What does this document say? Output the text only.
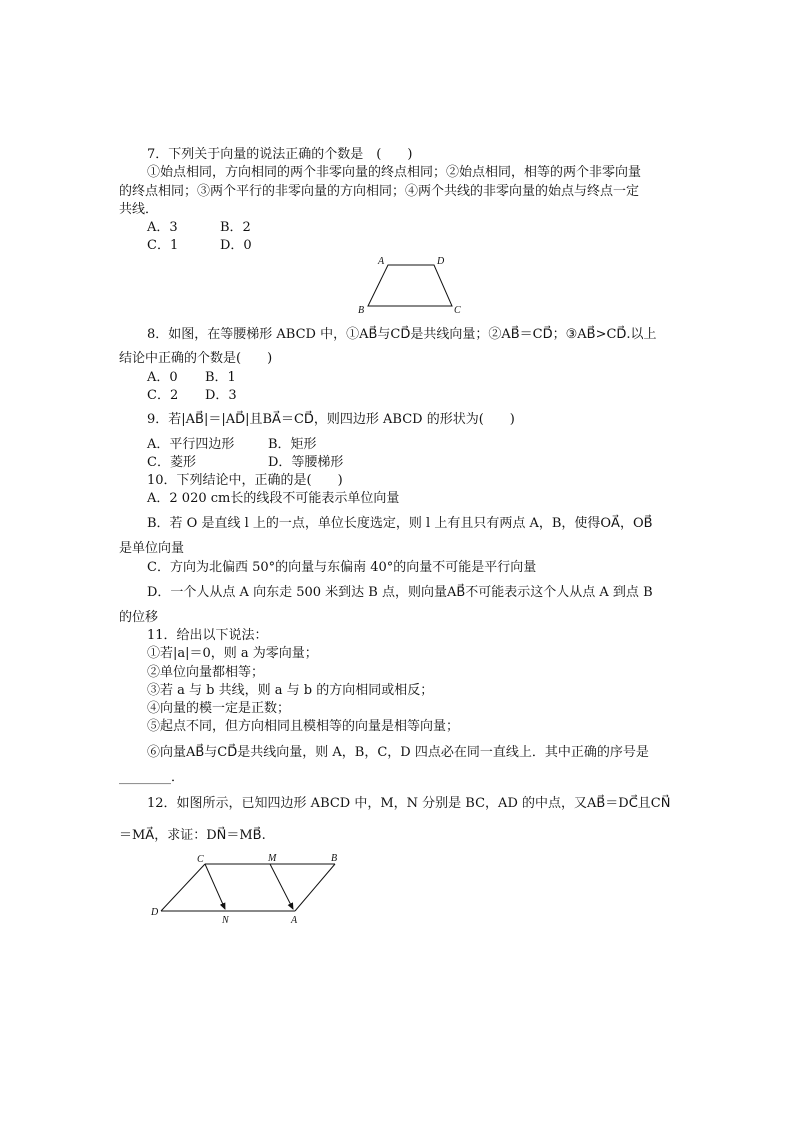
7．下列关于向量的说法正确的个数是　(　　)
①始点相同，方向相同的两个非零向量的终点相同；②始点相同，相等的两个非零向量
的终点相同；③两个平行的非零向量的方向相同；④两个共线的非零向量的始点与终点一定
共线．
A．3	B．2
C．1	D．0
A	D
B	C
8．如图，在等腰梯形 ABCD 中，①AB⃗与CD⃗是共线向量；②AB⃗＝CD⃗；③AB⃗>CD⃗.以上
结论中正确的个数是(　　)
A．0 B．1
C．2 D．3
9．若|AB⃗|＝|AD⃗|且BA⃗＝CD⃗，则四边形 ABCD 的形状为(　　)
A．平行四边形	B．矩形
C．菱形	D．等腰梯形
10．下列结论中，正确的是(　　)
A．2 020 cm长的线段不可能表示单位向量
B．若 O 是直线 l 上的一点，单位长度选定，则 l 上有且只有两点 A，B，使得OA⃗，OB⃗
是单位向量
C．方向为北偏西 50°的向量与东偏南 40°的向量不可能是平行向量
D．一个人从点 A 向东走 500 米到达 B 点，则向量AB⃗不可能表示这个人从点 A 到点 B
的位移
11．给出以下说法：
①若|a|＝0，则 a 为零向量；
②单位向量都相等；
③若 a 与 b 共线，则 a 与 b 的方向相同或相反；
④向量的模一定是正数；
⑤起点不同，但方向相同且模相等的向量是相等向量；
⑥向量AB⃗与CD⃗是共线向量，则 A，B，C，D 四点必在同一直线上．其中正确的序号是
________．
12．如图所示，已知四边形 ABCD 中，M，N 分别是 BC，AD 的中点，又AB⃗＝DC⃗且CN⃗
＝MA⃗，求证：DN⃗＝MB⃗.
C	M	B
D
N	A
